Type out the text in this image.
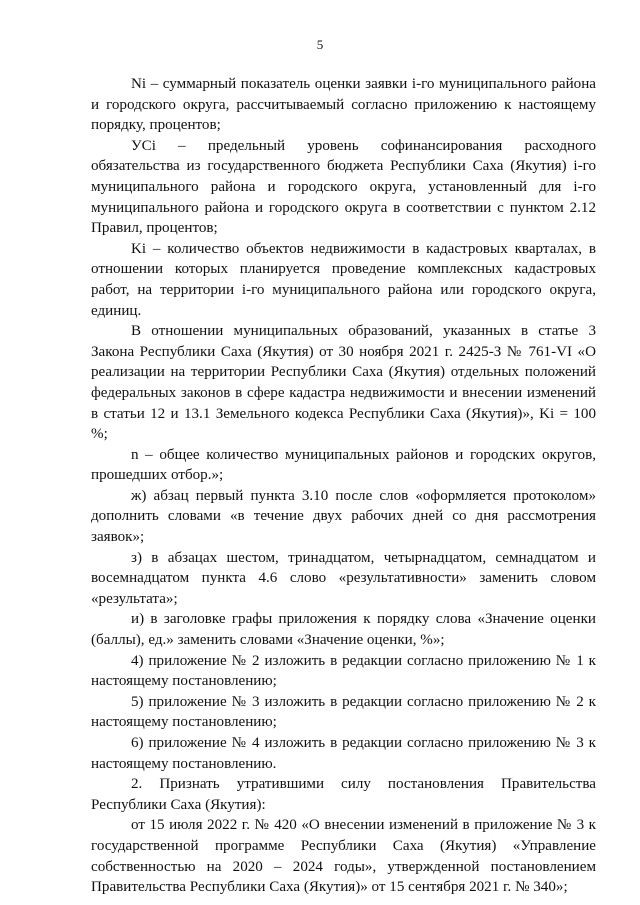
5

Ni – суммарный показатель оценки заявки i-го муниципального района и городского округа, рассчитываемый согласно приложению к настоящему порядку, процентов;

УСi – предельный уровень софинансирования расходного обязательства из государственного бюджета Республики Саха (Якутия) i-го муниципального района и городского округа, установленный для i-го муниципального района и городского округа в соответствии с пунктом 2.12 Правил, процентов;

Ki – количество объектов недвижимости в кадастровых кварталах, в отношении которых планируется проведение комплексных кадастровых работ, на территории i-го муниципального района или городского округа, единиц.

В отношении муниципальных образований, указанных в статье 3 Закона Республики Саха (Якутия) от 30 ноября 2021 г. 2425-З № 761-VI «О реализации на территории Республики Саха (Якутия) отдельных положений федеральных законов в сфере кадастра недвижимости и внесении изменений в статьи 12 и 13.1 Земельного кодекса Республики Саха (Якутия)», Ki = 100 %;

n – общее количество муниципальных районов и городских округов, прошедших отбор.»;

ж) абзац первый пункта 3.10 после слов «оформляется протоколом» дополнить словами «в течение двух рабочих дней со дня рассмотрения заявок»;

з) в абзацах шестом, тринадцатом, четырнадцатом, семнадцатом и восемнадцатом пункта 4.6 слово «результативности» заменить словом «результата»;

и) в заголовке графы приложения к порядку слова «Значение оценки (баллы), ед.» заменить словами «Значение оценки, %»;

4) приложение № 2 изложить в редакции согласно приложению № 1 к настоящему постановлению;

5) приложение № 3 изложить в редакции согласно приложению № 2 к настоящему постановлению;

6) приложение № 4 изложить в редакции согласно приложению № 3 к настоящему постановлению.

2. Признать утратившими силу постановления Правительства Республики Саха (Якутия):

от 15 июля 2022 г. № 420 «О внесении изменений в приложение № 3 к государственной программе Республики Саха (Якутия) «Управление собственностью на 2020 – 2024 годы», утвержденной постановлением Правительства Республики Саха (Якутия)» от 15 сентября 2021 г. № 340»;
